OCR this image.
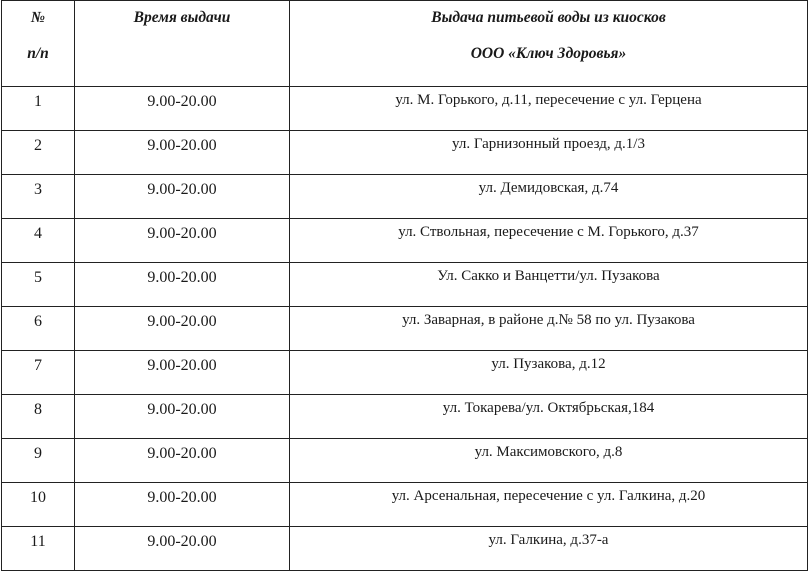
№
п/п	Время выдачи	Выдача питьевой воды из киосков
ООО «Ключ Здоровья»

1	9.00-20.00	ул. М. Горького, д.11, пересечение с ул. Герцена

2	9.00-20.00	ул. Гарнизонный проезд, д.1/3

3	9.00-20.00	ул. Демидовская, д.74

4	9.00-20.00	ул. Ствольная, пересечение с М. Горького, д.37

5	9.00-20.00	Ул. Сакко и Ванцетти/ул. Пузакова

6	9.00-20.00	ул. Заварная, в районе д.№ 58 по ул. Пузакова

7	9.00-20.00	ул. Пузакова, д.12

8	9.00-20.00	ул. Токарева/ул. Октябрьская,184

9	9.00-20.00	ул. Максимовского, д.8

10	9.00-20.00	ул. Арсенальная, пересечение с ул. Галкина, д.20

11	9.00-20.00	ул. Галкина, д.37-а
